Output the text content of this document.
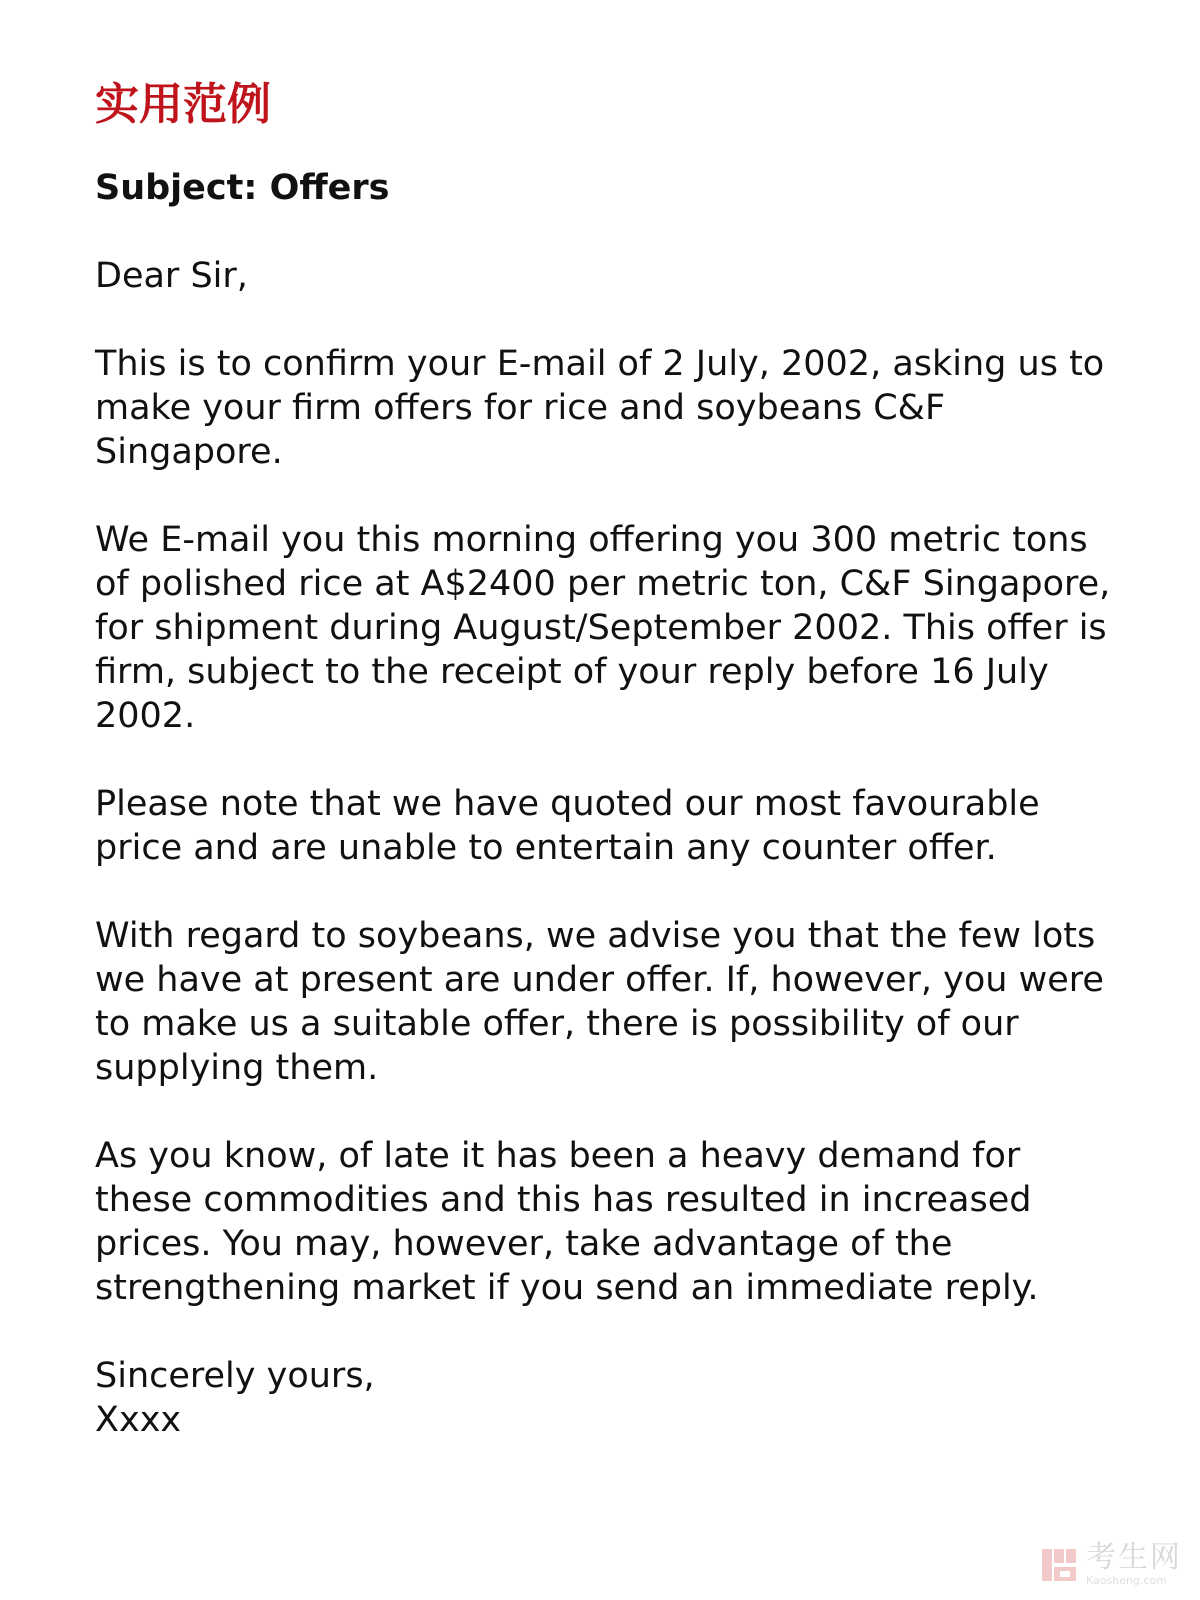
实用范例

Subject: Offers

Dear Sir,

This is to confirm your E-mail of 2 July, 2002, asking us to make your firm offers for rice and soybeans C&F Singapore.

We E-mail you this morning offering you 300 metric tons of polished rice at A$2400 per metric ton, C&F Singapore, for shipment during August/September 2002. This offer is firm, subject to the receipt of your reply before 16 July 2002.

Please note that we have quoted our most favourable price and are unable to entertain any counter offer.

With regard to soybeans, we advise you that the few lots we have at present are under offer. If, however, you were to make us a suitable offer, there is possibility of our supplying them.

As you know, of late it has been a heavy demand for these commodities and this has resulted in increased prices. You may, however, take advantage of the strengthening market if you send an immediate reply.

Sincerely yours,

Xxxx

考生网
Kaosheng.com
